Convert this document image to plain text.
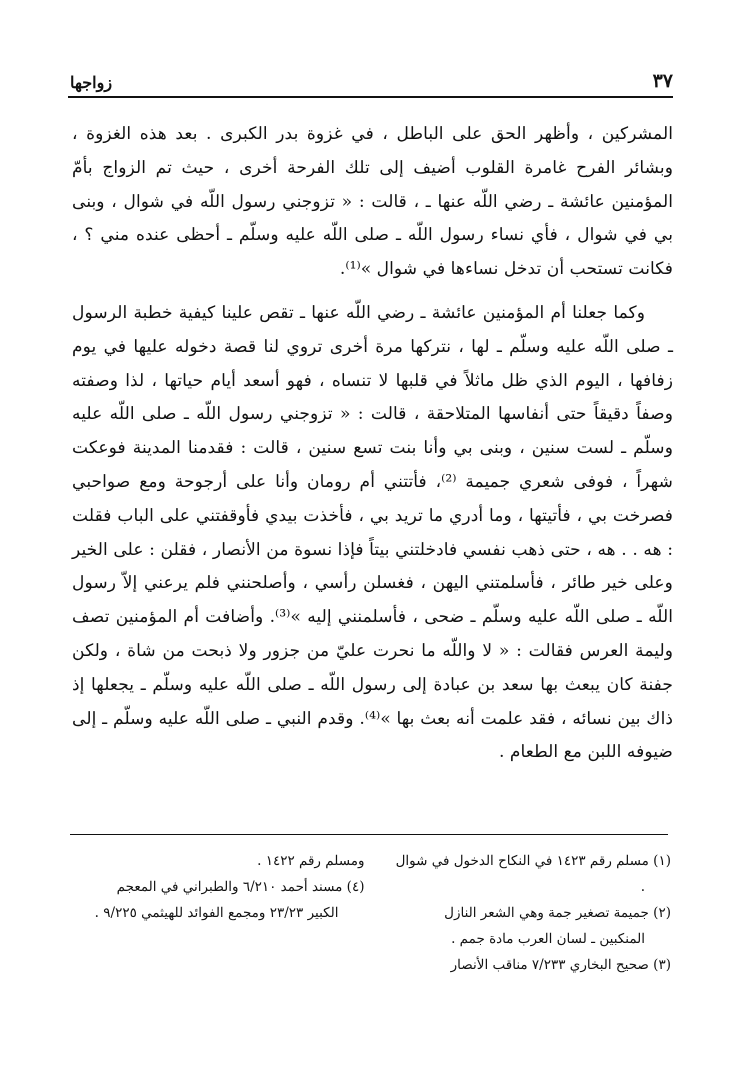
٣٧
زواجها

المشركين ، وأظهر الحق على الباطل ، في غزوة بدر الكبرى . بعد هذه الغزوة ، وبشائر الفرح غامرة القلوب أضيف إلى تلك الفرحة أخرى ، حيث تم الزواج بأمّ المؤمنين عائشة ـ رضي اللّه عنها ـ ، قالت : « تزوجني رسول اللّه في شوال ، وبنى بي في شوال ، فأي نساء رسول اللّه ـ صلى اللّه عليه وسلّم ـ أحظى عنده مني ؟ ، فكانت تستحب أن تدخل نساءها في شوال »⁽¹⁾.

وكما جعلنا أم المؤمنين عائشة ـ رضي اللّه عنها ـ تقص علينا كيفية خطبة الرسول ـ صلى اللّه عليه وسلّم ـ لها ، نتركها مرة أخرى تروي لنا قصة دخوله عليها في يوم زفافها ، اليوم الذي ظل ماثلاً في قلبها لا تنساه ، فهو أسعد أيام حياتها ، لذا وصفته وصفاً دقيقاً حتى أنفاسها المتلاحقة ، قالت : « تزوجني رسول اللّه ـ صلى اللّه عليه وسلّم ـ لست سنين ، وبنى بي وأنا بنت تسع سنين ، قالت : فقدمنا المدينة فوعكت شهراً ، فوفى شعري جميمة ⁽²⁾، فأتتني أم رومان وأنا على أرجوحة ومع صواحبي فصرخت بي ، فأتيتها ، وما أدري ما تريد بي ، فأخذت بيدي فأوقفتني على الباب فقلت : هه . . هه ، حتى ذهب نفسي فادخلتني بيتاً فإذا نسوة من الأنصار ، فقلن : على الخير وعلى خير طائر ، فأسلمتني اليهن ، فغسلن رأسي ، وأصلحنني فلم يرعني إلاّ رسول اللّه ـ صلى اللّه عليه وسلّم ـ ضحى ، فأسلمنني إليه »⁽³⁾. وأضافت أم المؤمنين تصف وليمة العرس فقالت : « لا واللّه ما نحرت عليّ من جزور ولا ذبحت من شاة ، ولكن جفنة كان يبعث بها سعد بن عبادة إلى رسول اللّه ـ صلى اللّه عليه وسلّم ـ يجعلها إذ ذاك بين نسائه ، فقد علمت أنه بعث بها »⁽⁴⁾. وقدم النبي ـ صلى اللّه عليه وسلّم ـ إلى ضيوفه اللبن مع الطعام .

(١) مسلم رقم ١٤٢٣ في النكاح الدخول في شوال .
(٢) جميمة تصغير جمة وهي الشعر النازل المنكبين ـ لسان العرب مادة جمم .
(٣) صحيح البخاري ٧/٢٣٣ مناقب الأنصار
ومسلم رقم ١٤٢٢ .
(٤) مسند أحمد ٦/٢١٠ والطبراني في المعجم الكبير ٢٣/٢٣ ومجمع الفوائد للهيثمي ٩/٢٢٥ .
